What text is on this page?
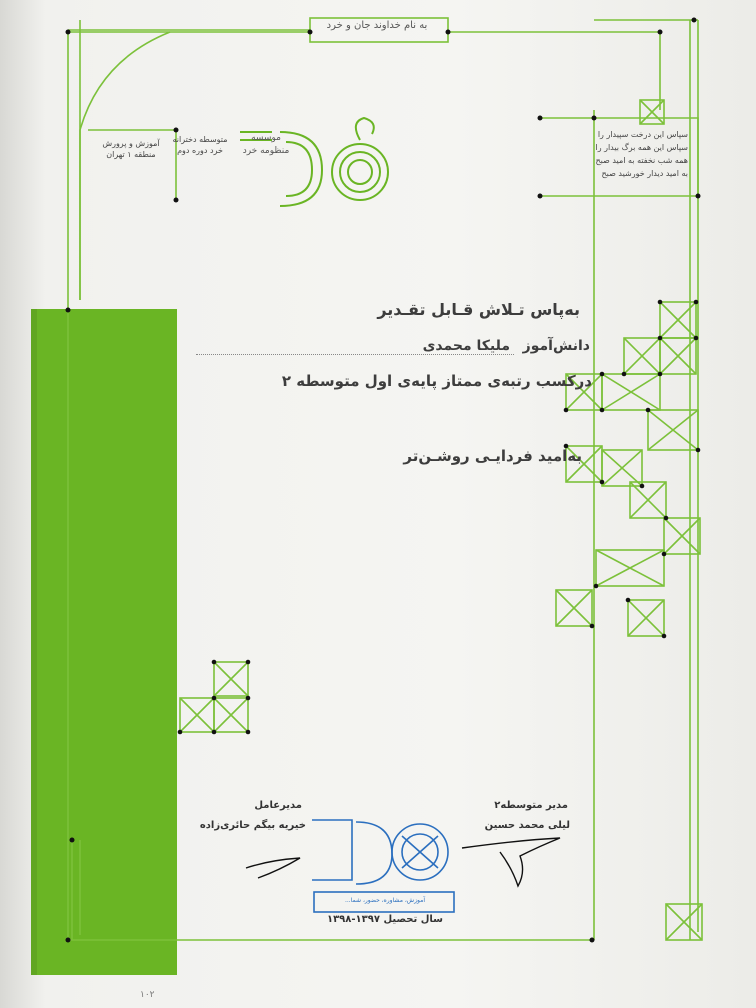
به نام خداوند جان و خرد
آموزش و پرورش منطقه ۱ تهران
متوسطه دخترانه خرد دوره دوم
موسسه منظومه خرد
سپاس این درخت سپیدار را
سپاس این همه برگ بیدار را
همه شب نخفته به امید صبح
به امید دیدار خورشید صبح
به‌پاس تـلاش قـابل تقـدیر
دانش‌آموز
ملیکا محمدی
درکسب رتبه‌ی ممتاز پایه‌ی اول متوسطه ۲
به‌امید فردایـی روشـن‌تر
مدیر متوسطه۲
لیلی محمد حسین
مدیرعامل
خیریه بیگم حائری‌زاده
آموزش، مشاوره، حضور، شما...
سال تحصیل ۱۳۹۷-۱۳۹۸
۱۰۲
